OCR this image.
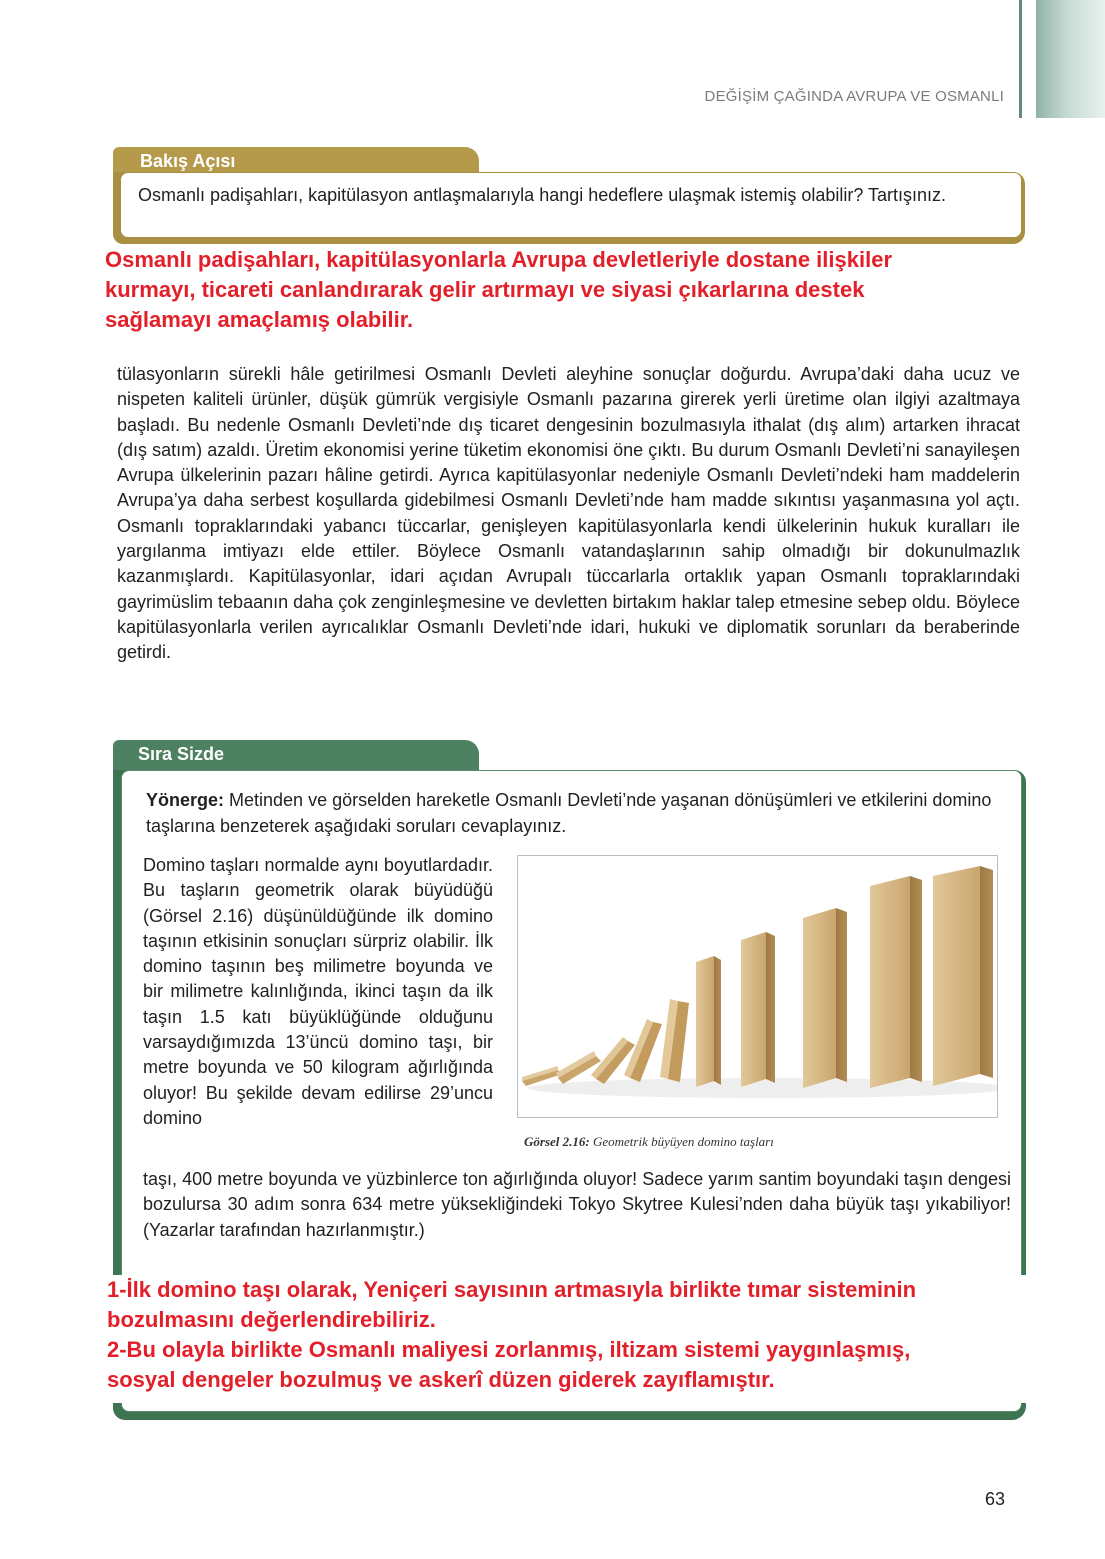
DEĞİŞİM ÇAĞINDA AVRUPA VE OSMANLI
Bakış Açısı
Osmanlı padişahları, kapitülasyon antlaşmalarıyla hangi hedeflere ulaşmak istemiş olabilir? Tartışınız.
Osmanlı padişahları, kapitülasyonlarla Avrupa devletleriyle dostane ilişkiler
kurmayı, ticareti canlandırarak gelir artırmayı ve siyasi çıkarlarına destek
sağlamayı amaçlamış olabilir.
tülasyonların sürekli hâle getirilmesi Osmanlı Devleti aleyhine sonuçlar doğurdu. Avrupa’daki daha ucuz ve nispeten kaliteli ürünler, düşük gümrük vergisiyle Osmanlı pazarına girerek yerli üretime olan ilgiyi azaltmaya başladı. Bu nedenle Osmanlı Devleti’nde dış ticaret dengesinin bozulmasıyla ithalat (dış alım) artarken ihracat (dış satım) azaldı. Üretim ekonomisi yerine tüketim ekonomisi öne çıktı. Bu durum Osmanlı Devleti’ni sanayileşen Avrupa ülkelerinin pazarı hâline getirdi. Ayrıca kapitülasyonlar nedeniyle Osmanlı Devleti’ndeki ham maddelerin Avrupa’ya daha serbest koşullarda gidebilmesi Osmanlı Devleti’nde ham madde sıkıntısı yaşanmasına yol açtı. Osmanlı topraklarındaki yabancı tüccarlar, genişleyen kapitülasyonlarla kendi ülkelerinin hukuk kuralları ile yargılanma imtiyazı elde ettiler. Böylece Osmanlı vatandaşlarının sahip olmadığı bir dokunulmazlık kazanmışlardı. Kapitülasyonlar, idari açıdan Avrupalı tüccarlarla ortaklık yapan Osmanlı topraklarındaki gayrimüslim tebaanın daha çok zenginleşmesine ve devletten birtakım haklar talep etmesine sebep oldu. Böylece kapitülasyonlarla verilen ayrıcalıklar Osmanlı Devleti’nde idari, hukuki ve diplomatik sorunları da beraberinde getirdi.
Sıra Sizde
Yönerge: Metinden ve görselden hareketle Osmanlı Devleti’nde yaşanan dönüşümleri ve etkilerini domino taşlarına benzeterek aşağıdaki soruları cevaplayınız.
Domino taşları normalde aynı boyutlardadır. Bu taşların geometrik olarak büyüdüğü (Görsel 2.16) düşünüldüğünde ilk domino taşının etkisinin sonuçları sürpriz olabilir. İlk domino taşının beş milimetre boyunda ve bir milimetre kalınlığında, ikinci taşın da ilk taşın 1.5 katı büyüklüğünde olduğunu varsaydığımızda 13’üncü domino taşı, bir metre boyunda ve 50 kilogram ağırlığında oluyor! Bu şekilde devam edilirse 29’uncu domino
Görsel 2.16: Geometrik büyüyen domino taşları
taşı, 400 metre boyunda ve yüzbinlerce ton ağırlığında oluyor! Sadece yarım santim boyundaki taşın dengesi bozulursa 30 adım sonra 634 metre yüksekliğindeki Tokyo Skytree Kulesi’nden daha büyük taşı yıkabiliyor! (Yazarlar tarafından hazırlanmıştır.)
1-İlk domino taşı olarak, Yeniçeri sayısının artmasıyla birlikte tımar sisteminin
bozulmasını değerlendirebiliriz.
2-Bu olayla birlikte Osmanlı maliyesi zorlanmış, iltizam sistemi yaygınlaşmış,
sosyal dengeler bozulmuş ve askerî düzen giderek zayıflamıştır.
63
